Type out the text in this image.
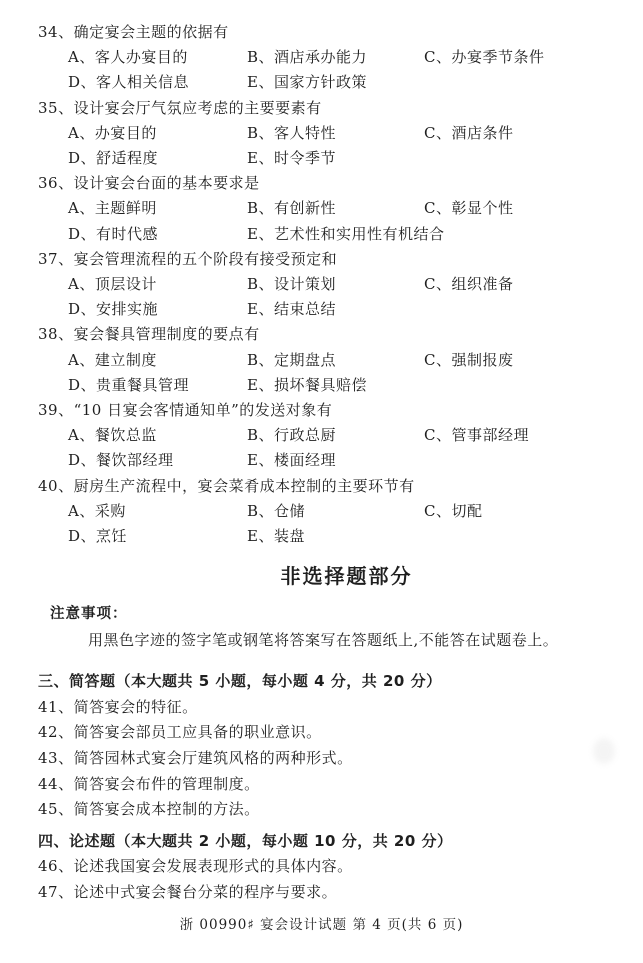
34、确定宴会主题的依据有
A、客人办宴目的	B、酒店承办能力	C、办宴季节条件
D、客人相关信息	E、国家方针政策
35、设计宴会厅气氛应考虑的主要要素有
A、办宴目的	B、客人特性	C、酒店条件
D、舒适程度	E、时令季节
36、设计宴会台面的基本要求是
A、主题鲜明	B、有创新性	C、彰显个性
D、有时代感	E、艺术性和实用性有机结合
37、宴会管理流程的五个阶段有接受预定和
A、顶层设计	B、设计策划	C、组织准备
D、安排实施	E、结束总结
38、宴会餐具管理制度的要点有
A、建立制度	B、定期盘点	C、强制报废
D、贵重餐具管理	E、损坏餐具赔偿
39、“10 日宴会客情通知单”的发送对象有
A、餐饮总监	B、行政总厨	C、管事部经理
D、餐饮部经理	E、楼面经理
40、厨房生产流程中，宴会菜肴成本控制的主要环节有
A、采购	B、仓储	C、切配
D、烹饪	E、装盘
非选择题部分
注意事项：
用黑色字迹的签字笔或钢笔将答案写在答题纸上,不能答在试题卷上。
三、简答题（本大题共 5 小题，每小题 4 分，共 20 分）
41、简答宴会的特征。
42、简答宴会部员工应具备的职业意识。
43、简答园林式宴会厅建筑风格的两种形式。
44、简答宴会布件的管理制度。
45、简答宴会成本控制的方法。
四、论述题（本大题共 2 小题，每小题 10 分，共 20 分）
46、论述我国宴会发展表现形式的具体内容。
47、论述中式宴会餐台分菜的程序与要求。
浙 00990♯ 宴会设计试题 第 4 页(共 6 页)
